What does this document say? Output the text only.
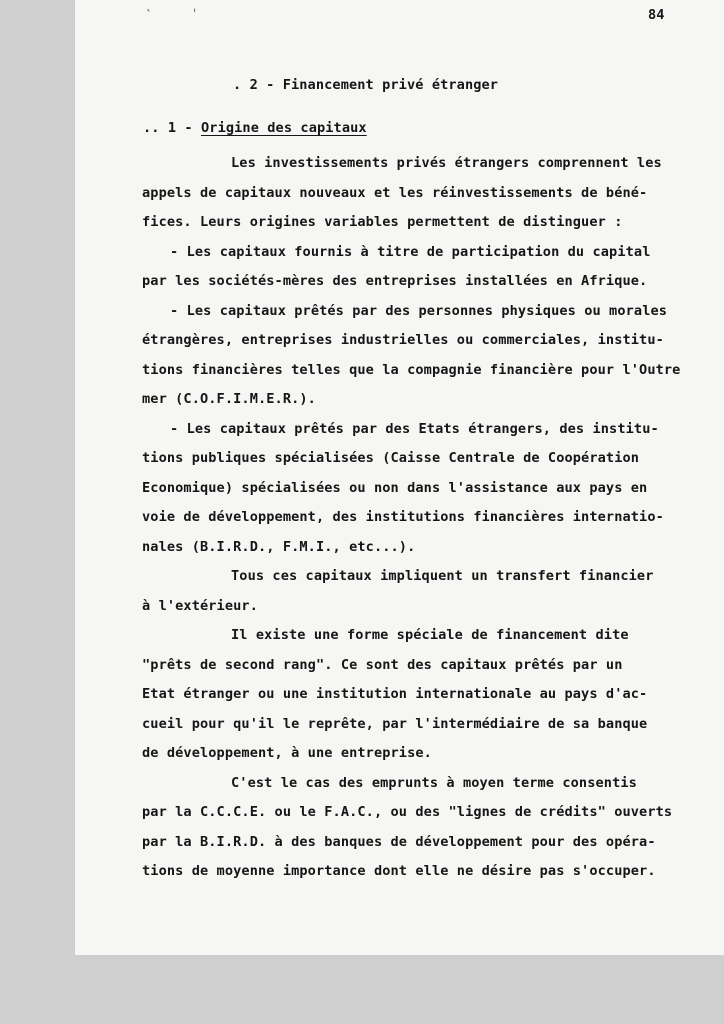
ˋ	ˈ	84
. 2 - Financement privé étranger
.. 1 - Origine des capitaux
Les investissements privés étrangers comprennent les
appels de capitaux nouveaux et les réinvestissements de béné-
fices. Leurs origines variables permettent de distinguer :
- Les capitaux fournis à titre de participation du capital
par les sociétés-mères des entreprises installées en Afrique.
- Les capitaux prêtés par des personnes physiques ou morales
étrangères, entreprises industrielles ou commerciales, institu-
tions financières telles que la compagnie financière pour l'Outre
mer (C.O.F.I.M.E.R.).
- Les capitaux prêtés par des Etats étrangers, des institu-
tions publiques spécialisées (Caisse Centrale de Coopération
Economique) spécialisées ou non dans l'assistance aux pays en
voie de développement, des institutions financières internatio-
nales (B.I.R.D., F.M.I., etc...).
Tous ces capitaux impliquent un transfert financier
à l'extérieur.
Il existe une forme spéciale de financement dite
"prêts de second rang". Ce sont des capitaux prêtés par un
Etat étranger ou une institution internationale au pays d'ac-
cueil pour qu'il le reprête, par l'intermédiaire de sa banque
de développement, à une entreprise.
C'est le cas des emprunts à moyen terme consentis
par la C.C.C.E. ou le F.A.C., ou des "lignes de crédits" ouverts
par la B.I.R.D. à des banques de développement pour des opéra-
tions de moyenne importance dont elle ne désire pas s'occuper.
